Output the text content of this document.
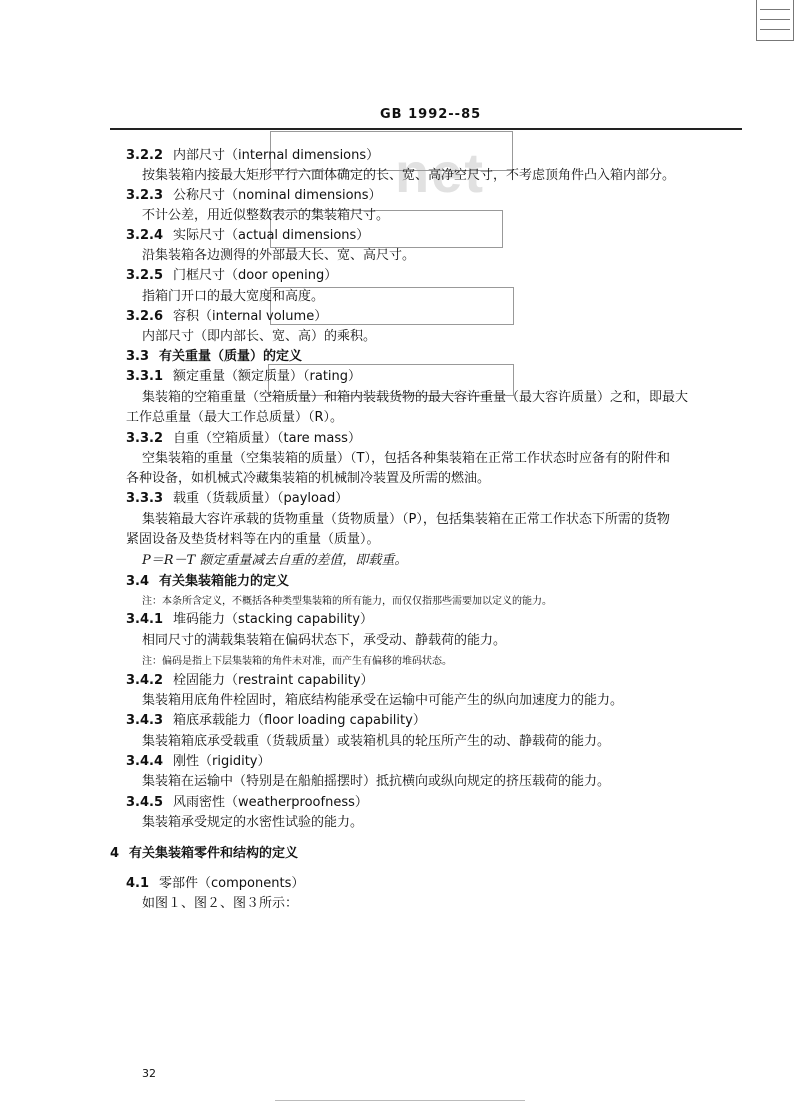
GB 1992--85
net
3.2.2 内部尺寸（internal dimensions）
按集装箱内接最大矩形平行六面体确定的长、宽、高净空尺寸，不考虑顶角件凸入箱内部分。
3.2.3 公称尺寸（nominal dimensions）
不计公差，用近似整数表示的集装箱尺寸。
3.2.4 实际尺寸（actual dimensions）
沿集装箱各边测得的外部最大长、宽、高尺寸。
3.2.5 门框尺寸（door opening）
指箱门开口的最大宽度和高度。
3.2.6 容积（internal volume）
内部尺寸（即内部长、宽、高）的乘积。
3.3 有关重量（质量）的定义
3.3.1 额定重量（额定质量）（rating）
集装箱的空箱重量（空箱质量）和箱内装载货物的最大容许重量（最大容许质量）之和，即最大
工作总重量（最大工作总质量）（R）。
3.3.2 自重（空箱质量）（tare mass）
空集装箱的重量（空集装箱的质量）（T），包括各种集装箱在正常工作状态时应备有的附件和
各种设备，如机械式冷藏集装箱的机械制冷装置及所需的燃油。
3.3.3 载重（货载质量）（payload）
集装箱最大容许承载的货物重量（货物质量）（P），包括集装箱在正常工作状态下所需的货物
紧固设备及垫货材料等在内的重量（质量）。
P＝R－T 额定重量减去自重的差值，即载重。
3.4 有关集装箱能力的定义
注：本条所含定义，不概括各种类型集装箱的所有能力，而仅仅指那些需要加以定义的能力。
3.4.1 堆码能力（stacking capability）
相同尺寸的满载集装箱在偏码状态下，承受动、静载荷的能力。
注：偏码是指上下层集装箱的角件未对准，而产生有偏移的堆码状态。
3.4.2 栓固能力（restraint capability）
集装箱用底角件栓固时，箱底结构能承受在运输中可能产生的纵向加速度力的能力。
3.4.3 箱底承载能力（floor loading capability）
集装箱箱底承受载重（货载质量）或装箱机具的轮压所产生的动、静载荷的能力。
3.4.4 刚性（rigidity）
集装箱在运输中（特别是在船舶摇摆时）抵抗横向或纵向规定的挤压载荷的能力。
3.4.5 风雨密性（weatherproofness）
集装箱承受规定的水密性试验的能力。
4 有关集装箱零件和结构的定义
4.1 零部件（components）
如图１、图２、图３所示：
32
